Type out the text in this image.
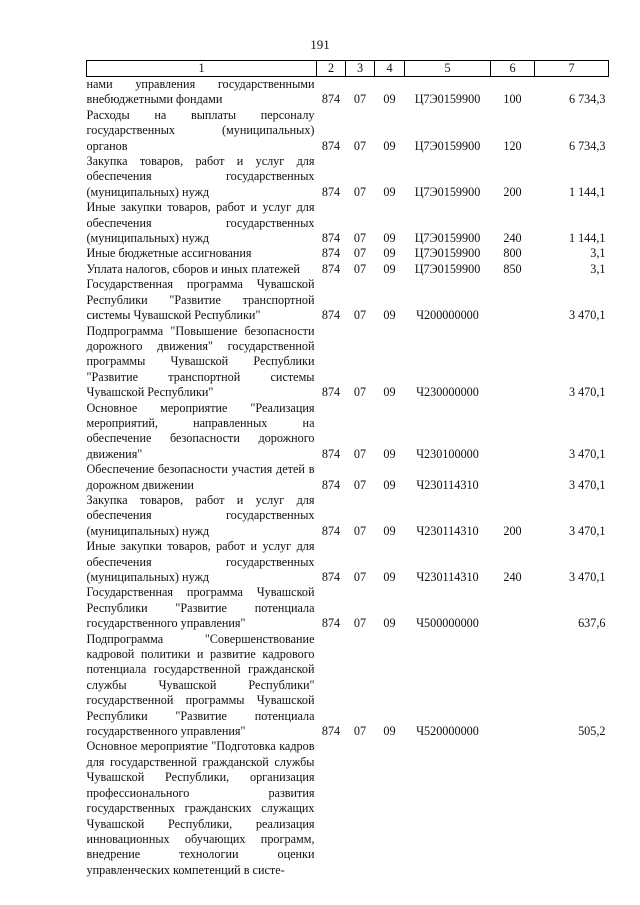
191
1	2	3	4	5	6	7
нами управления государственными внебюджетными фондами	874	07	09	Ц7Э0159900	100	6 734,3
Расходы на выплаты персоналу государственных (муниципальных) органов	874	07	09	Ц7Э0159900	120	6 734,3
Закупка товаров, работ и услуг для обеспечения государственных (муниципальных) нужд	874	07	09	Ц7Э0159900	200	1 144,1
Иные закупки товаров, работ и услуг для обеспечения государственных (муниципальных) нужд	874	07	09	Ц7Э0159900	240	1 144,1
Иные бюджетные ассигнования	874	07	09	Ц7Э0159900	800	3,1
Уплата налогов, сборов и иных платежей	874	07	09	Ц7Э0159900	850	3,1
Государственная программа Чувашской Республики "Развитие транспортной системы Чувашской Республики"	874	07	09	Ч200000000		3 470,1
Подпрограмма "Повышение безопасности дорожного движения" государственной программы Чувашской Республики "Развитие транспортной системы Чувашской Республики"	874	07	09	Ч230000000		3 470,1
Основное мероприятие "Реализация мероприятий, направленных на обеспечение безопасности дорожного движения"	874	07	09	Ч230100000		3 470,1
Обеспечение безопасности участия детей в дорожном движении	874	07	09	Ч230114310		3 470,1
Закупка товаров, работ и услуг для обеспечения государственных (муниципальных) нужд	874	07	09	Ч230114310	200	3 470,1
Иные закупки товаров, работ и услуг для обеспечения государственных (муниципальных) нужд	874	07	09	Ч230114310	240	3 470,1
Государственная программа Чувашской Республики "Развитие потенциала государственного управления"	874	07	09	Ч500000000		637,6
Подпрограмма "Совершенствование кадровой политики и развитие кадрового потенциала государственной гражданской службы Чувашской Республики" государственной программы Чувашской Республики "Развитие потенциала государственного управления"	874	07	09	Ч520000000		505,2
Основное мероприятие "Подготовка кадров для государственной гражданской службы Чувашской Республики, организация профессионального развития государственных гражданских служащих Чувашской Республики, реализация инновационных обучающих программ, внедрение технологии оценки управленческих компетенций в систе-						
